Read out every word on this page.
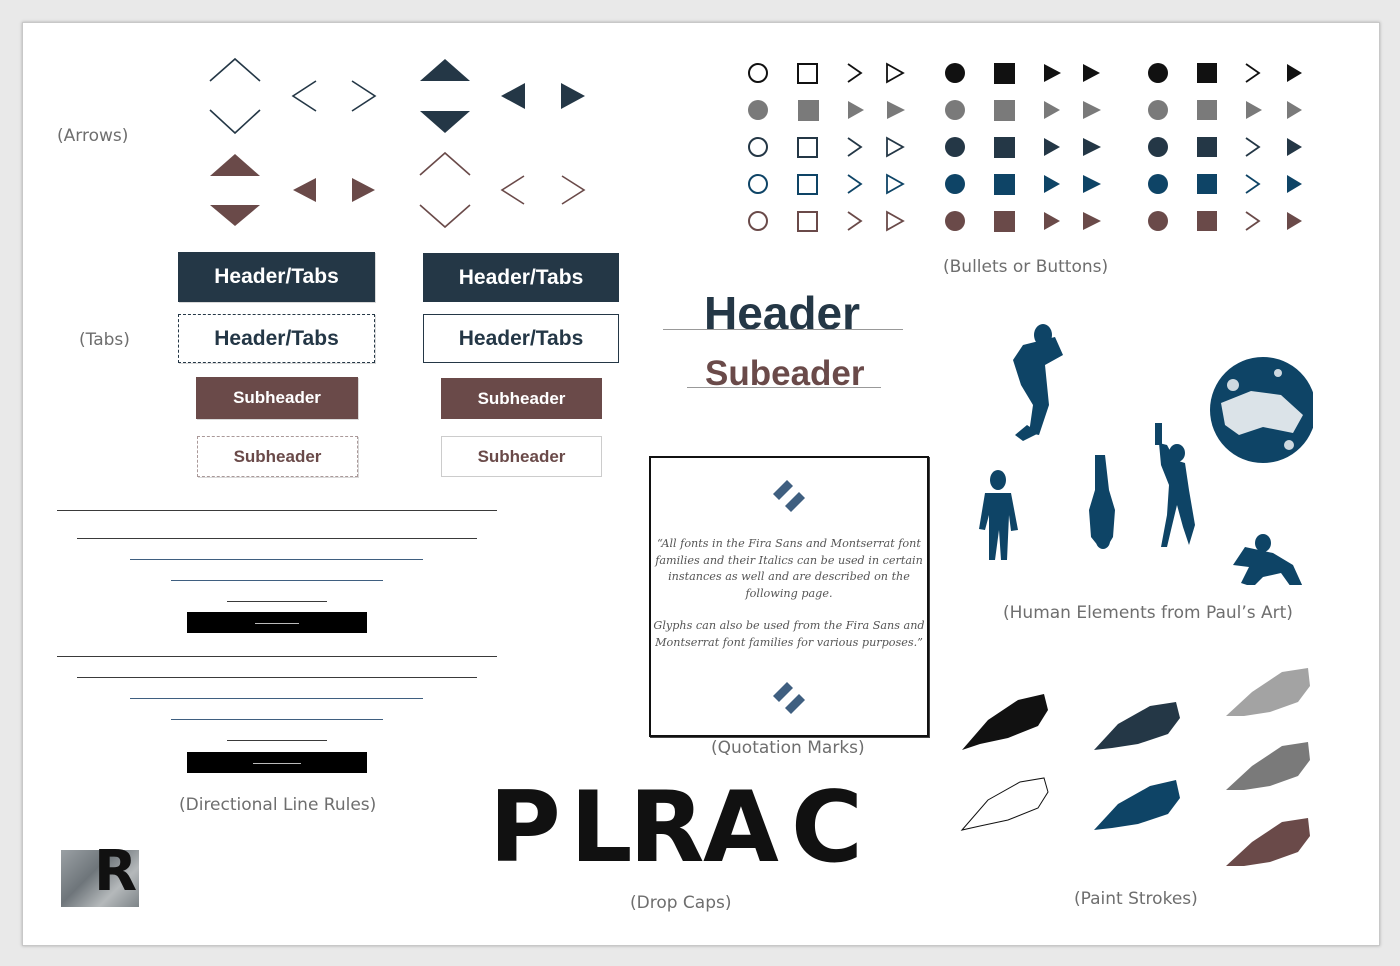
(Arrows)
(Tabs)
Header/Tabs	Header/Tabs
Header/Tabs	Header/Tabs
Subheader	Subheader
Subheader	Subheader
Header
Subeader
(Bullets or Buttons)
(Human Elements from Paul’s Art)

“All fonts in the Fira Sans and Montserrat font families and their Italics can be used in certain instances as well and are described on the following page.

Glyphs can also be used from the Fira Sans and Montserrat font families for various purposes.”

(Quotation Marks)
(Directional Line Rules)
R	P L
R
A C
(Drop Caps)	(Paint Strokes)
